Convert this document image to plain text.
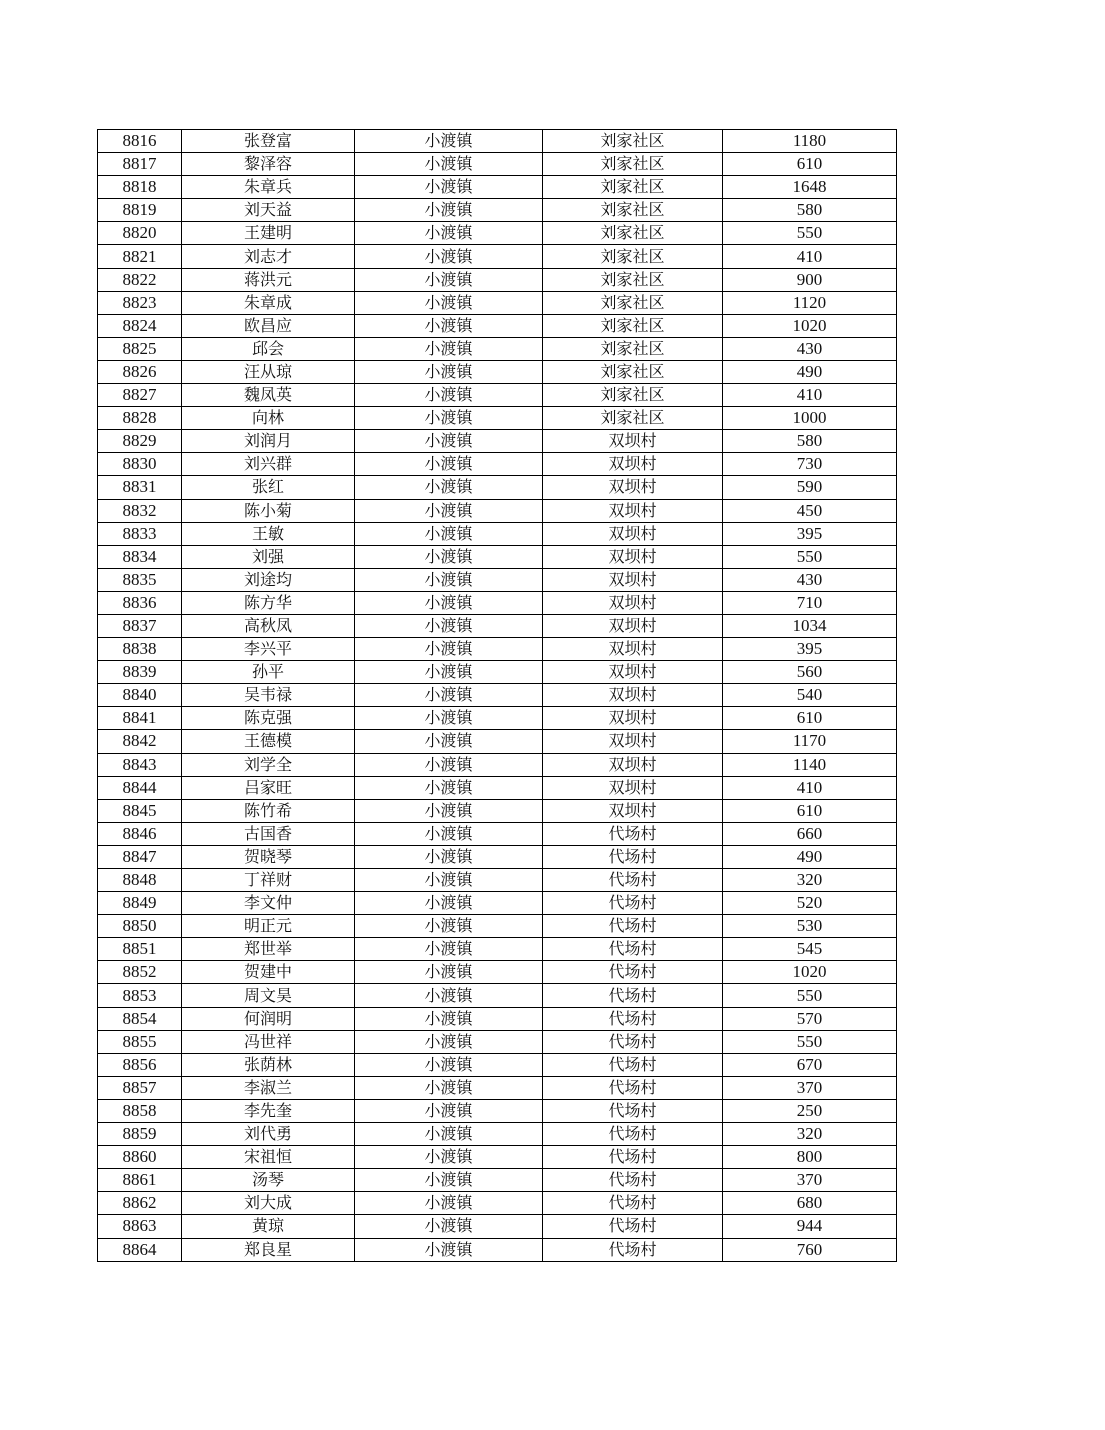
8816	张登富	小渡镇	刘家社区	1180
8817	黎泽容	小渡镇	刘家社区	610
8818	朱章兵	小渡镇	刘家社区	1648
8819	刘天益	小渡镇	刘家社区	580
8820	王建明	小渡镇	刘家社区	550
8821	刘志才	小渡镇	刘家社区	410
8822	蒋洪元	小渡镇	刘家社区	900
8823	朱章成	小渡镇	刘家社区	1120
8824	欧昌应	小渡镇	刘家社区	1020
8825	邱会	小渡镇	刘家社区	430
8826	汪从琼	小渡镇	刘家社区	490
8827	魏凤英	小渡镇	刘家社区	410
8828	向林	小渡镇	刘家社区	1000
8829	刘润月	小渡镇	双坝村	580
8830	刘兴群	小渡镇	双坝村	730
8831	张红	小渡镇	双坝村	590
8832	陈小菊	小渡镇	双坝村	450
8833	王敏	小渡镇	双坝村	395
8834	刘强	小渡镇	双坝村	550
8835	刘途均	小渡镇	双坝村	430
8836	陈方华	小渡镇	双坝村	710
8837	高秋凤	小渡镇	双坝村	1034
8838	李兴平	小渡镇	双坝村	395
8839	孙平	小渡镇	双坝村	560
8840	吴韦禄	小渡镇	双坝村	540
8841	陈克强	小渡镇	双坝村	610
8842	王德模	小渡镇	双坝村	1170
8843	刘学全	小渡镇	双坝村	1140
8844	吕家旺	小渡镇	双坝村	410
8845	陈竹希	小渡镇	双坝村	610
8846	古国香	小渡镇	代场村	660
8847	贺晓琴	小渡镇	代场村	490
8848	丁祥财	小渡镇	代场村	320
8849	李文仲	小渡镇	代场村	520
8850	明正元	小渡镇	代场村	530
8851	郑世举	小渡镇	代场村	545
8852	贺建中	小渡镇	代场村	1020
8853	周文昊	小渡镇	代场村	550
8854	何润明	小渡镇	代场村	570
8855	冯世祥	小渡镇	代场村	550
8856	张荫林	小渡镇	代场村	670
8857	李淑兰	小渡镇	代场村	370
8858	李先奎	小渡镇	代场村	250
8859	刘代勇	小渡镇	代场村	320
8860	宋祖恒	小渡镇	代场村	800
8861	汤琴	小渡镇	代场村	370
8862	刘大成	小渡镇	代场村	680
8863	黄琼	小渡镇	代场村	944
8864	郑良星	小渡镇	代场村	760
